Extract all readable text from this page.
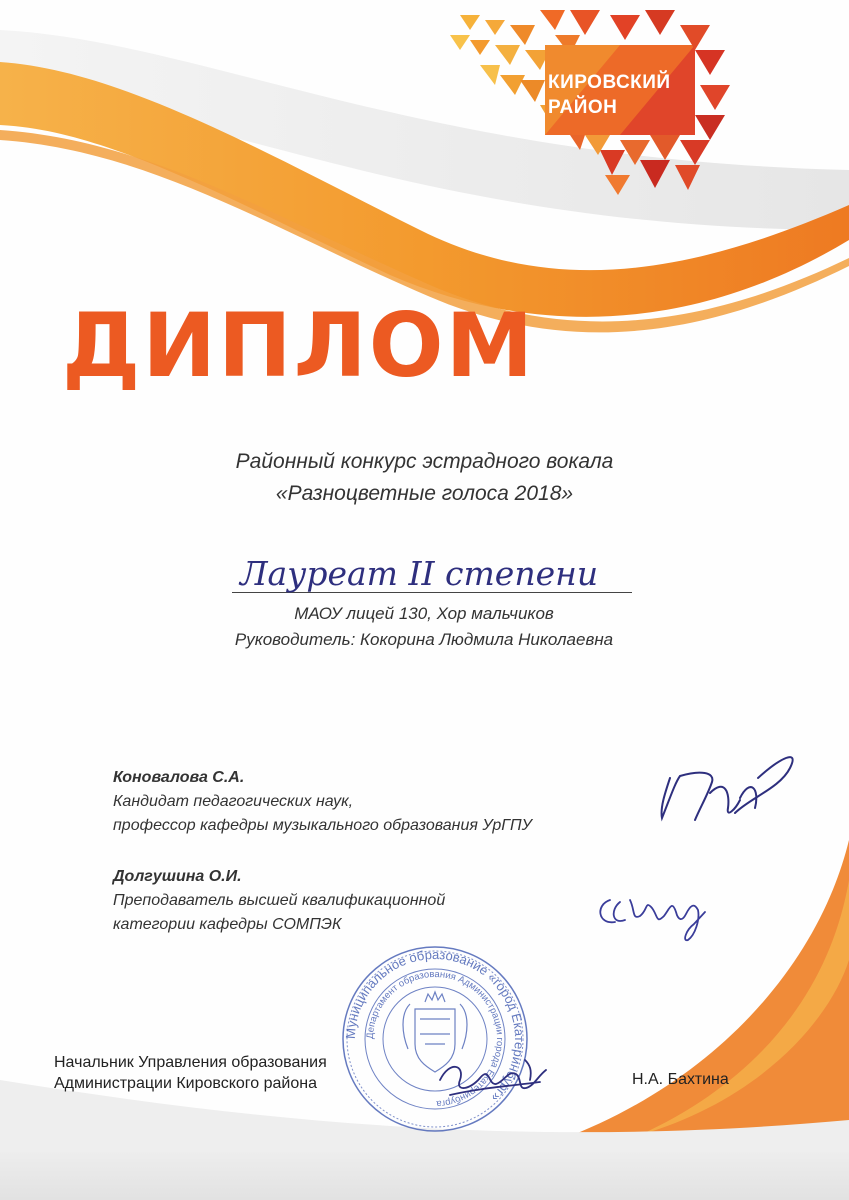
КИРОВСКИЙ
РАЙОН
ДИПЛОМ
Районный конкурс эстрадного вокала
«Разноцветные голоса 2018»
Лауреат II степени
МАОУ лицей 130, Хор мальчиков
Руководитель: Кокорина Людмила Николаевна
Коновалова С.А.
Кандидат педагогических наук,
профессор кафедры музыкального образования УрГПУ
Долгушина О.И.
Преподаватель высшей квалификационной
категории кафедры СОМПЭК
Муниципальное образование «город Екатеринбург»
Департамент образования Администрации города Екатеринбурга
Начальник Управления образования
Администрации Кировского района	Н.А. Бахтина
